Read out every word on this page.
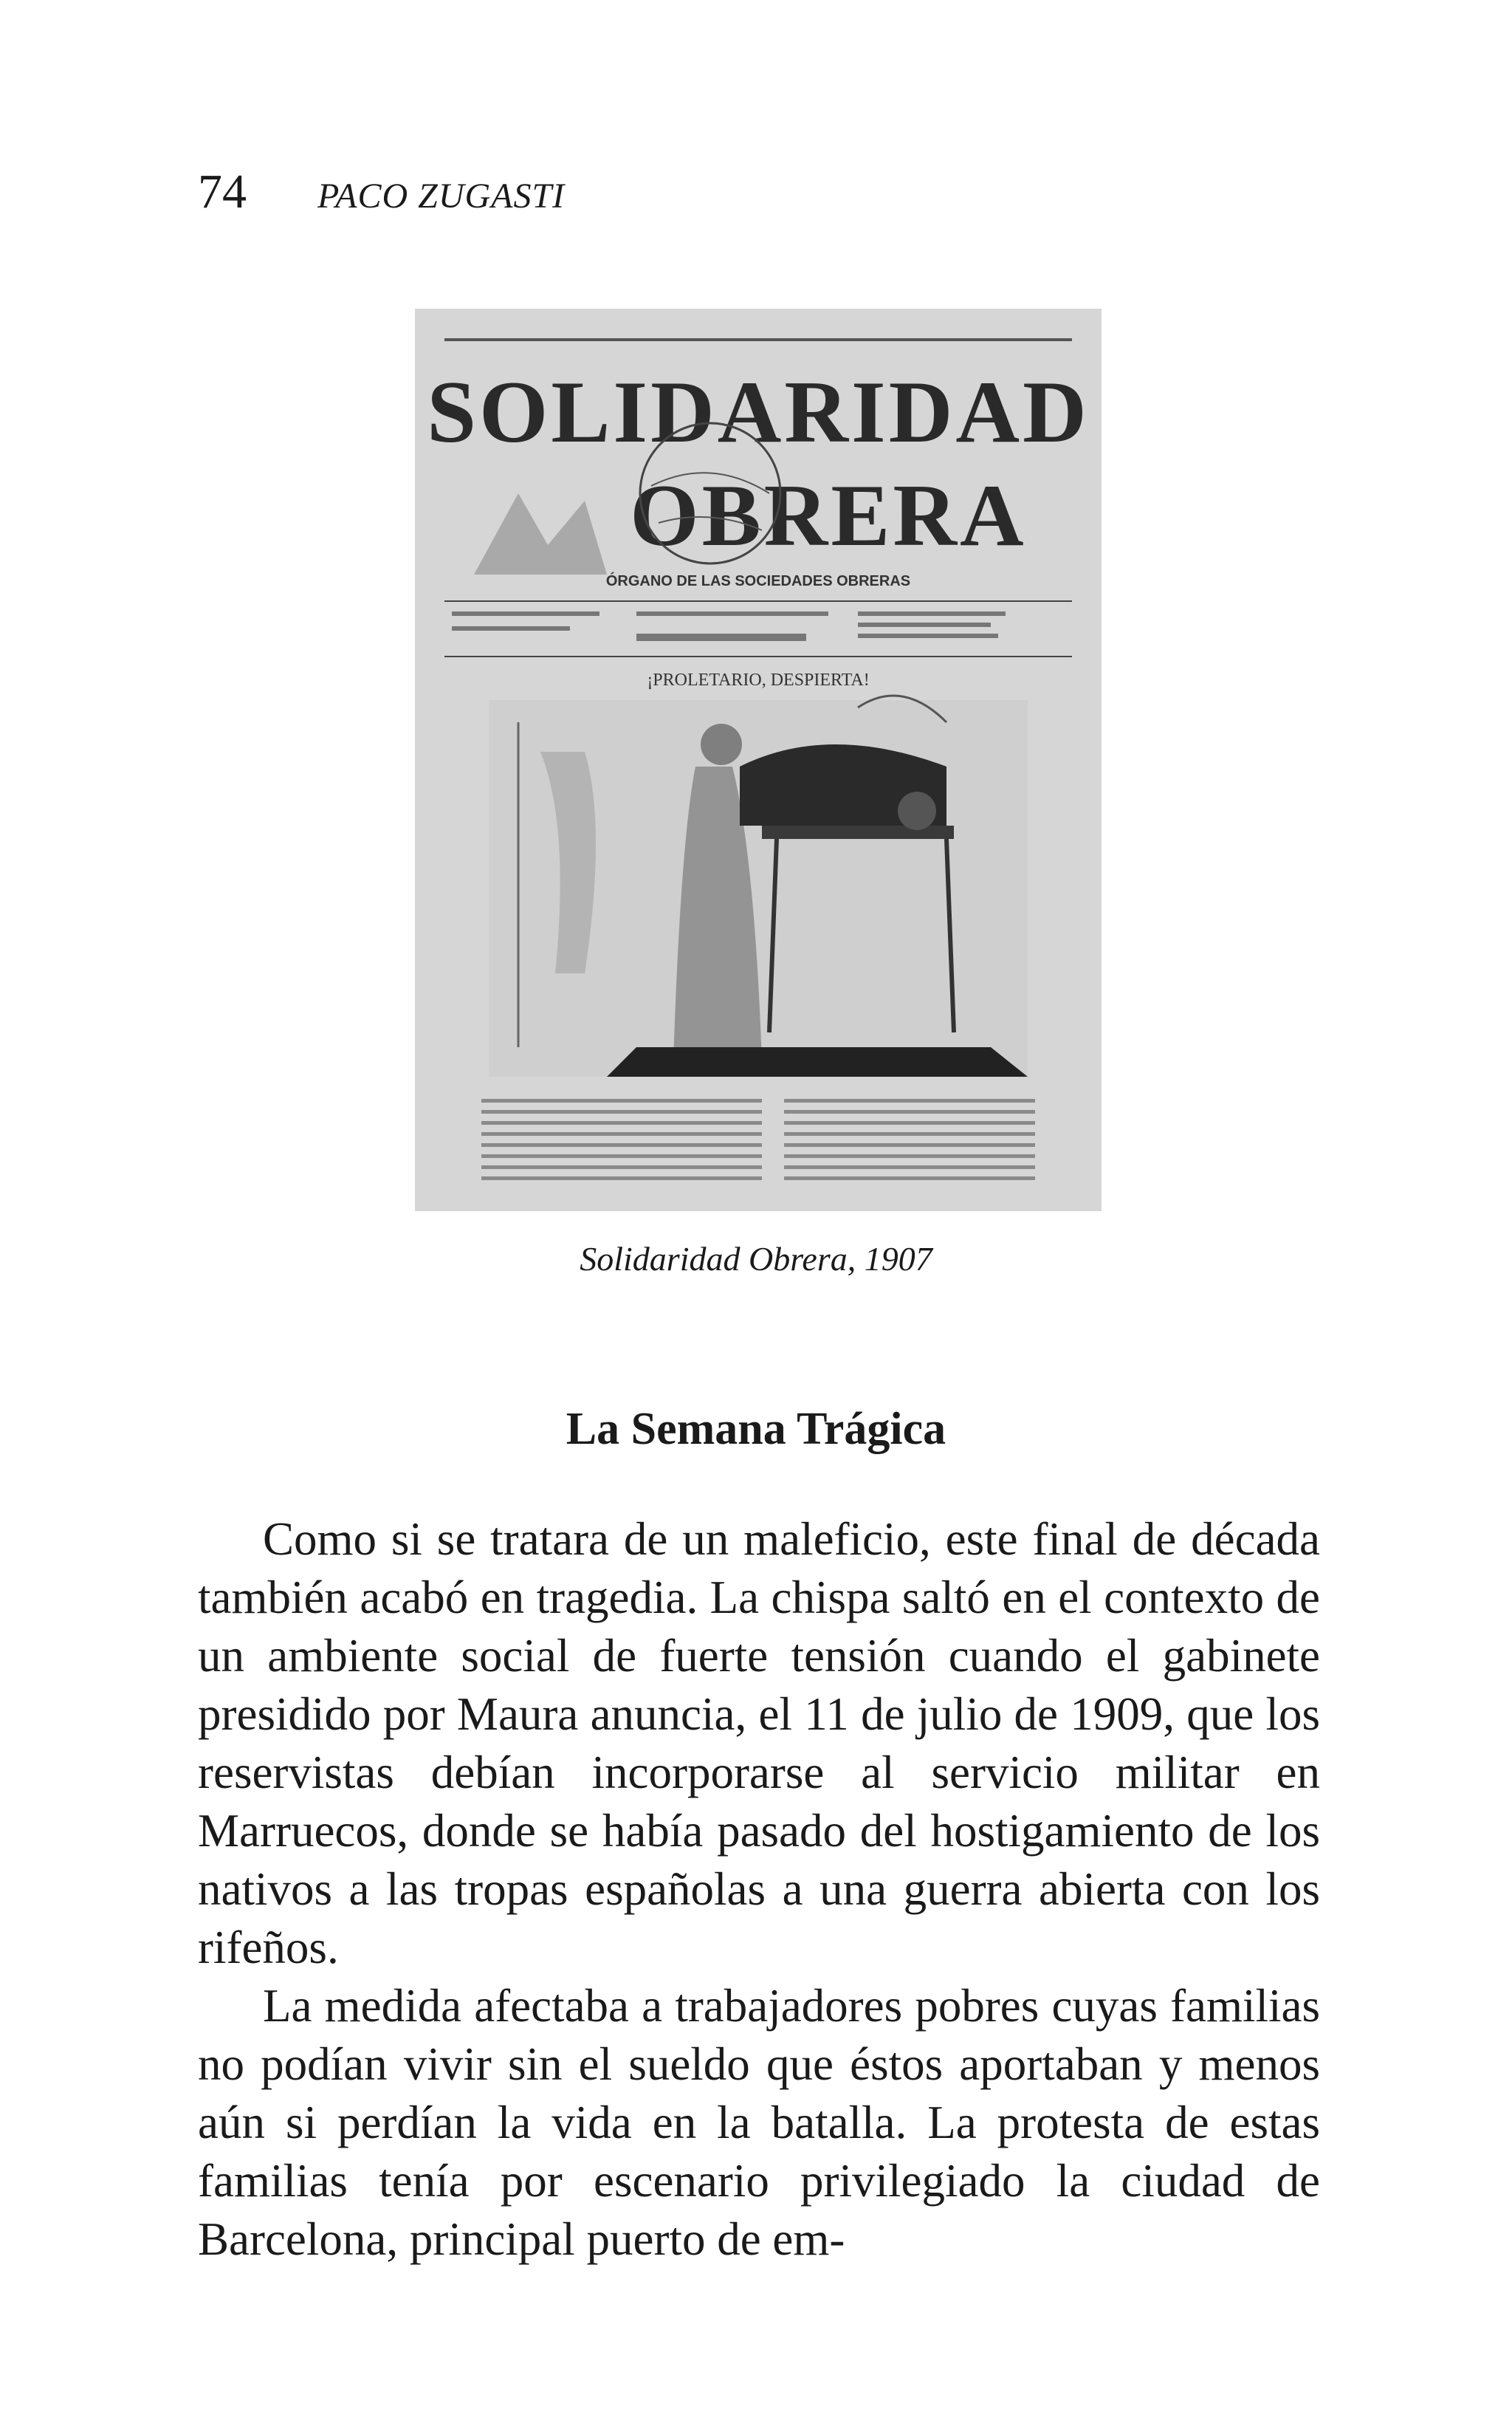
74 PACO ZUGASTI
SOLIDARIDAD
OBRERA
ÓRGANO DE LAS SOCIEDADES OBRERAS
¡PROLETARIO, DESPIERTA!
Solidaridad Obrera, 1907
La Semana Trágica

Como si se tratara de un maleficio, este final de década también acabó en tragedia. La chispa saltó en el contexto de un ambiente social de fuerte tensión cuando el gabinete presidido por Maura anuncia, el 11 de julio de 1909, que los reservistas debían incorporarse al servicio militar en Marruecos, donde se había pasado del hostigamiento de los nativos a las tropas españolas a una guerra abierta con los rifeños.

La medida afectaba a trabajadores pobres cuyas familias no podían vivir sin el sueldo que éstos aportaban y menos aún si perdían la vida en la batalla. La protesta de estas familias tenía por escenario privilegiado la ciudad de Barcelona, principal puerto de em-
